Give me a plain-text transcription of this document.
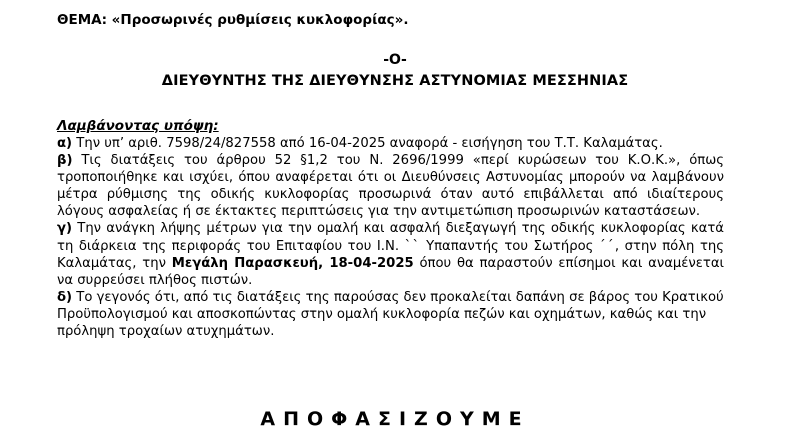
ΘΕΜΑ: «Προσωρινές ρυθμίσεις κυκλοφορίας».
-Ο-
ΔΙΕΥΘΥΝΤΗΣ ΤΗΣ ΔΙΕΥΘΥΝΣΗΣ ΑΣΤΥΝΟΜΙΑΣ ΜΕΣΣΗΝΙΑΣ
Λαμβάνοντας υπόψη:

α) Την υπ’ αριθ. 7598/24/827558 από 16-04-2025 αναφορά - εισήγηση του Τ.Τ. Καλαμάτας.

β) Τις διατάξεις του άρθρου 52 §1,2 του Ν. 2696/1999 «περί κυρώσεων του Κ.Ο.Κ.», όπως τροποποιήθηκε και ισχύει, όπου αναφέρεται ότι οι Διευθύνσεις Αστυνομίας μπορούν να λαμβάνουν μέτρα ρύθμισης της οδικής κυκλοφορίας προσωρινά όταν αυτό επιβάλλεται από ιδιαίτερους λόγους ασφαλείας ή σε έκτακτες περιπτώσεις για την αντιμετώπιση προσωρινών καταστάσεων.

γ) Την ανάγκη λήψης μέτρων για την ομαλή και ασφαλή διεξαγωγή της οδικής κυκλοφορίας κατά τη διάρκεια της περιφοράς του Επιταφίου του Ι.Ν. ˋˋ Υπαπαντής του Σωτήρος ˊˊ, στην πόλη της Καλαμάτας, την Μεγάλη Παρασκευή, 18-04-2025 όπου θα παραστούν επίσημοι και αναμένεται να συρρεύσει πλήθος πιστών.

δ) Το γεγονός ότι, από τις διατάξεις της παρούσας δεν προκαλείται δαπάνη σε βάρος του Κρατικού Προϋπολογισμού και αποσκοπώντας στην ομαλή κυκλοφορία πεζών και οχημάτων, καθώς και την πρόληψη τροχαίων ατυχημάτων.

ΑΠΟΦΑΣΙΖΟΥΜΕ
